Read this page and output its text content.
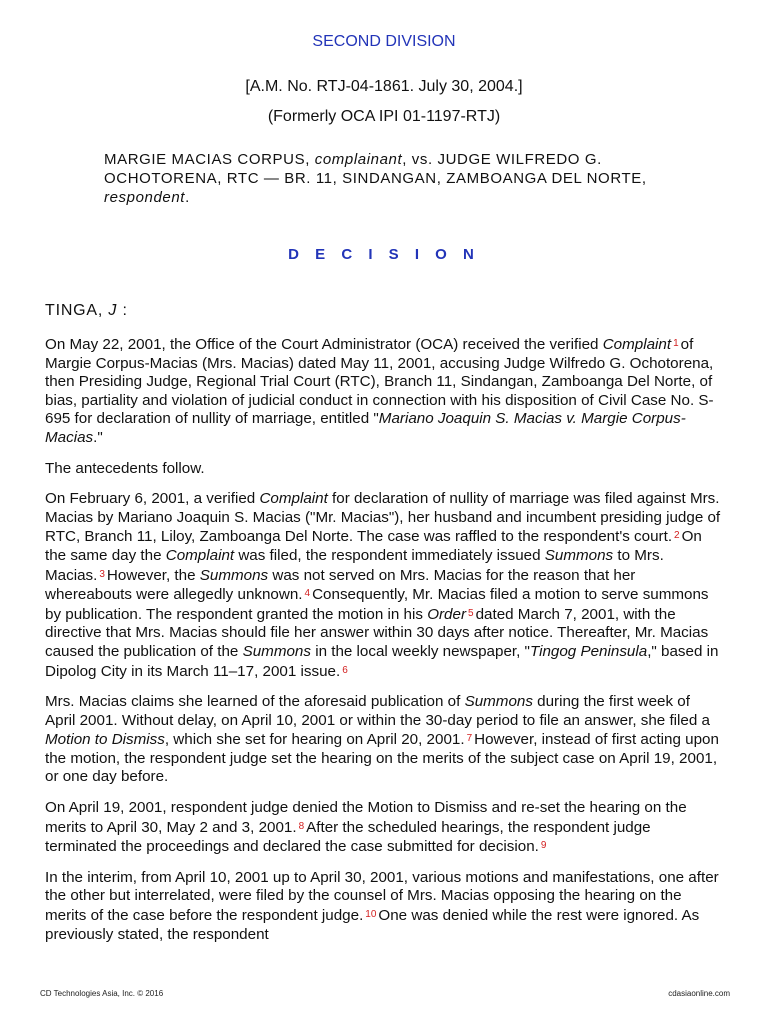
SECOND DIVISION
[A.M. No. RTJ-04-1861. July 30, 2004.]
(Formerly OCA IPI 01-1197-RTJ)
MARGIE MACIAS CORPUS, complainant, vs. JUDGE WILFREDO G. OCHOTORENA, RTC — BR. 11, SINDANGAN, ZAMBOANGA DEL NORTE, respondent.
D E C I S I O N
TINGA, J :

On May 22, 2001, the Office of the Court Administrator (OCA) received the verified Complaint 1 of Margie Corpus-Macias (Mrs. Macias) dated May 11, 2001, accusing Judge Wilfredo G. Ochotorena, then Presiding Judge, Regional Trial Court (RTC), Branch 11, Sindangan, Zamboanga Del Norte, of bias, partiality and violation of judicial conduct in connection with his disposition of Civil Case No. S-695 for declaration of nullity of marriage, entitled "Mariano Joaquin S. Macias v. Margie Corpus-Macias."

The antecedents follow.

On February 6, 2001, a verified Complaint for declaration of nullity of marriage was filed against Mrs. Macias by Mariano Joaquin S. Macias ("Mr. Macias"), her husband and incumbent presiding judge of RTC, Branch 11, Liloy, Zamboanga Del Norte. The case was raffled to the respondent's court. 2 On the same day the Complaint was filed, the respondent immediately issued Summons to Mrs. Macias. 3 However, the Summons was not served on Mrs. Macias for the reason that her whereabouts were allegedly unknown. 4 Consequently, Mr. Macias filed a motion to serve summons by publication. The respondent granted the motion in his Order 5 dated March 7, 2001, with the directive that Mrs. Macias should file her answer within 30 days after notice. Thereafter, Mr. Macias caused the publication of the Summons in the local weekly newspaper, "Tingog Peninsula," based in Dipolog City in its March 11–17, 2001 issue. 6

Mrs. Macias claims she learned of the aforesaid publication of Summons during the first week of April 2001. Without delay, on April 10, 2001 or within the 30-day period to file an answer, she filed a Motion to Dismiss, which she set for hearing on April 20, 2001. 7 However, instead of first acting upon the motion, the respondent judge set the hearing on the merits of the subject case on April 19, 2001, or one day before.

On April 19, 2001, respondent judge denied the Motion to Dismiss and re-set the hearing on the merits to April 30, May 2 and 3, 2001. 8 After the scheduled hearings, the respondent judge terminated the proceedings and declared the case submitted for decision. 9

In the interim, from April 10, 2001 up to April 30, 2001, various motions and manifestations, one after the other but interrelated, were filed by the counsel of Mrs. Macias opposing the hearing on the merits of the case before the respondent judge. 10 One was denied while the rest were ignored. As previously stated, the respondent

CD Technologies Asia, Inc. © 2016	cdasiaonline.com
